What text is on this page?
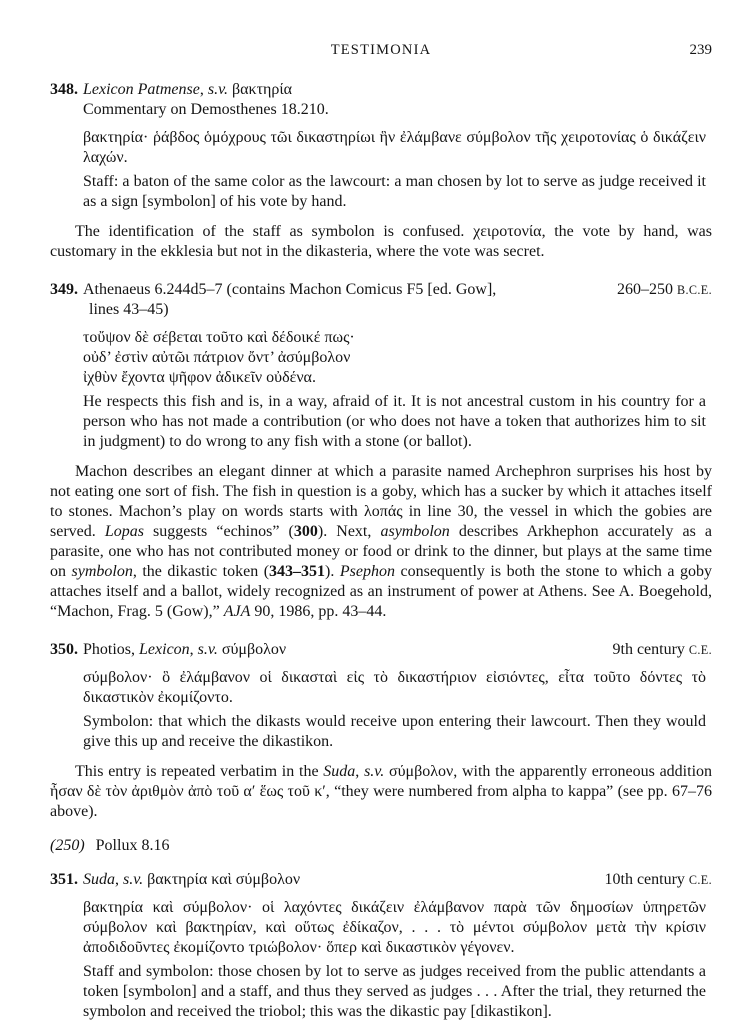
TESTIMONIA	239
348. Lexicon Patmense, s.v. βακτηρία
Commentary on Demosthenes 18.210.
βακτηρία· ῥάβδος ὁμόχρους τῶι δικαστηρίωι ἣν ἐλάμβανε σύμβολον τῆς χειροτονίας ὁ δικάζειν λαχών.
Staff: a baton of the same color as the lawcourt: a man chosen by lot to serve as judge received it as a sign [symbolon] of his vote by hand.
The identification of the staff as symbolon is confused. χειροτονία, the vote by hand, was customary in the ekklesia but not in the dikasteria, where the vote was secret.
349. Athenaeus 6.244d5–7 (contains Machon Comicus F5 [ed. Gow],	260–250 B.C.E.
lines 43–45)
τοὔψον δὲ σέβεται τοῦτο καὶ δέδοικέ πως·
οὐδ’ ἐστὶν αὐτῶι πάτριον ὄντ’ ἀσύμβολον
ἰχθὺν ἔχοντα ψῆφον ἀδικεῖν οὐδένα.
He respects this fish and is, in a way, afraid of it. It is not ancestral custom in his country for a person who has not made a contribution (or who does not have a token that authorizes him to sit in judgment) to do wrong to any fish with a stone (or ballot).
Machon describes an elegant dinner at which a parasite named Archephron surprises his host by not eating one sort of fish. The fish in question is a goby, which has a sucker by which it attaches itself to stones. Machon’s play on words starts with λοπάς in line 30, the vessel in which the gobies are served. Lopas suggests “echinos” (300). Next, asymbolon describes Arkhephon accurately as a parasite, one who has not contributed money or food or drink to the dinner, but plays at the same time on symbolon, the dikastic token (343–351). Psephon consequently is both the stone to which a goby attaches itself and a ballot, widely recognized as an instrument of power at Athens. See A. Boegehold, “Machon, Frag. 5 (Gow),” AJA 90, 1986, pp. 43–44.
350. Photios, Lexicon, s.v. σύμβολον	9th century C.E.
σύμβολον· ὃ ἐλάμβανον οἱ δικασταὶ εἰς τὸ δικαστήριον εἰσιόντες, εἶτα τοῦτο δόντες τὸ δικαστικὸν ἐκομίζοντο.
Symbolon: that which the dikasts would receive upon entering their lawcourt. Then they would give this up and receive the dikastikon.
This entry is repeated verbatim in the Suda, s.v. σύμβολον, with the apparently erroneous addition ἦσαν δὲ τὸν ἀριθμὸν ἀπὸ τοῦ α′ ἕως τοῦ κ′, “they were numbered from alpha to kappa” (see pp. 67–76 above).
(250) Pollux 8.16
351. Suda, s.v. βακτηρία καὶ σύμβολον	10th century C.E.
βακτηρία καὶ σύμβολον· οἱ λαχόντες δικάζειν ἐλάμβανον παρὰ τῶν δημοσίων ὑπηρετῶν σύμβολον καὶ βακτηρίαν, καὶ οὕτως ἐδίκαζον, . . . τὸ μέντοι σύμβολον μετὰ τὴν κρίσιν ἀποδιδοῦντες ἐκομίζοντο τριώβολον· ὅπερ καὶ δικαστικὸν γέγονεν.
Staff and symbolon: those chosen by lot to serve as judges received from the public attendants a token [symbolon] and a staff, and thus they served as judges . . . After the trial, they returned the symbolon and received the triobol; this was the dikastic pay [dikastikon].
